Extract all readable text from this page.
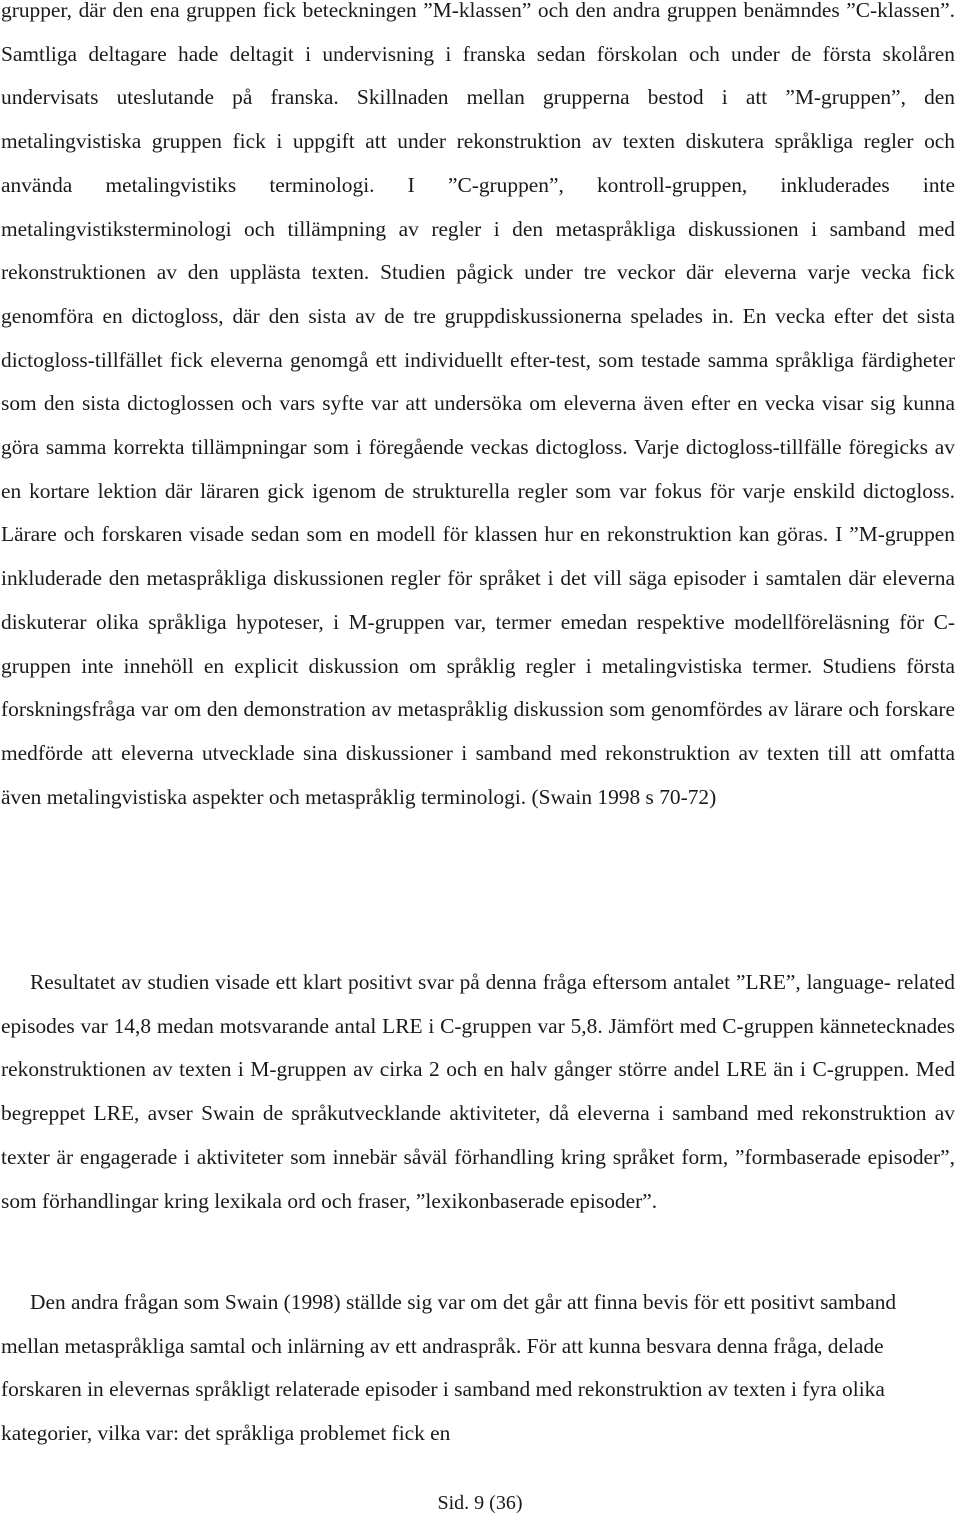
grupper, där den ena gruppen fick beteckningen ”M-klassen” och den andra gruppen benämndes ”C-klassen”. Samtliga deltagare hade deltagit i undervisning i franska sedan förskolan och under de första skolåren undervisats uteslutande på franska. Skillnaden mellan grupperna bestod i att ”M-gruppen”, den metalingvistiska gruppen fick i uppgift att under rekonstruktion av texten diskutera språkliga regler och använda metalingvistiks terminologi. I ”C-gruppen”, kontroll-gruppen, inkluderades inte metalingvistiksterminologi och tillämpning av regler i den metaspråkliga diskussionen i samband med rekonstruktionen av den upplästa texten. Studien pågick under tre veckor där eleverna varje vecka fick genomföra en dictogloss, där den sista av de tre gruppdiskussionerna spelades in. En vecka efter det sista dictogloss-tillfället fick eleverna genomgå ett individuellt efter-test, som testade samma språkliga färdigheter som den sista dictoglossen och vars syfte var att undersöka om eleverna även efter en vecka visar sig kunna göra samma korrekta tillämpningar som i föregående veckas dictogloss. Varje dictogloss-tillfälle föregicks av en kortare lektion där läraren gick igenom de strukturella regler som var fokus för varje enskild dictogloss. Lärare och forskaren visade sedan som en modell för klassen hur en rekonstruktion kan göras. I ”M-gruppen inkluderade den metaspråkliga diskussionen regler för språket i det vill säga episoder i samtalen där eleverna diskuterar olika språkliga hypoteser, i M-gruppen var, termer emedan respektive modellföreläsning för C-gruppen inte innehöll en explicit diskussion om språklig regler i metalingvistiska termer. Studiens första forskningsfråga var om den demonstration av metaspråklig diskussion som genomfördes av lärare och forskare medförde att eleverna utvecklade sina diskussioner i samband med rekonstruktion av texten till att omfatta även metalingvistiska aspekter och metaspråklig terminologi. (Swain 1998 s 70-72)

Resultatet av studien visade ett klart positivt svar på denna fråga eftersom antalet ”LRE”, language- related episodes var 14,8 medan motsvarande antal LRE i C-gruppen var 5,8. Jämfört med C-gruppen kännetecknades rekonstruktionen av texten i M-gruppen av cirka 2 och en halv gånger större andel LRE än i C-gruppen. Med begreppet LRE, avser Swain de språkutvecklande aktiviteter, då eleverna i samband med rekonstruktion av texter är engagerade i aktiviteter som innebär såväl förhandling kring språket form, ”formbaserade episoder”, som förhandlingar kring lexikala ord och fraser, ”lexikonbaserade episoder”.

Den andra frågan som Swain (1998) ställde sig var om det går att finna bevis för ett positivt samband mellan metaspråkliga samtal och inlärning av ett andraspråk. För att kunna besvara denna fråga, delade forskaren in elevernas språkligt relaterade episoder i samband med rekonstruktion av texten i fyra olika kategorier, vilka var: det språkliga problemet fick en

Sid. 9 (36)
